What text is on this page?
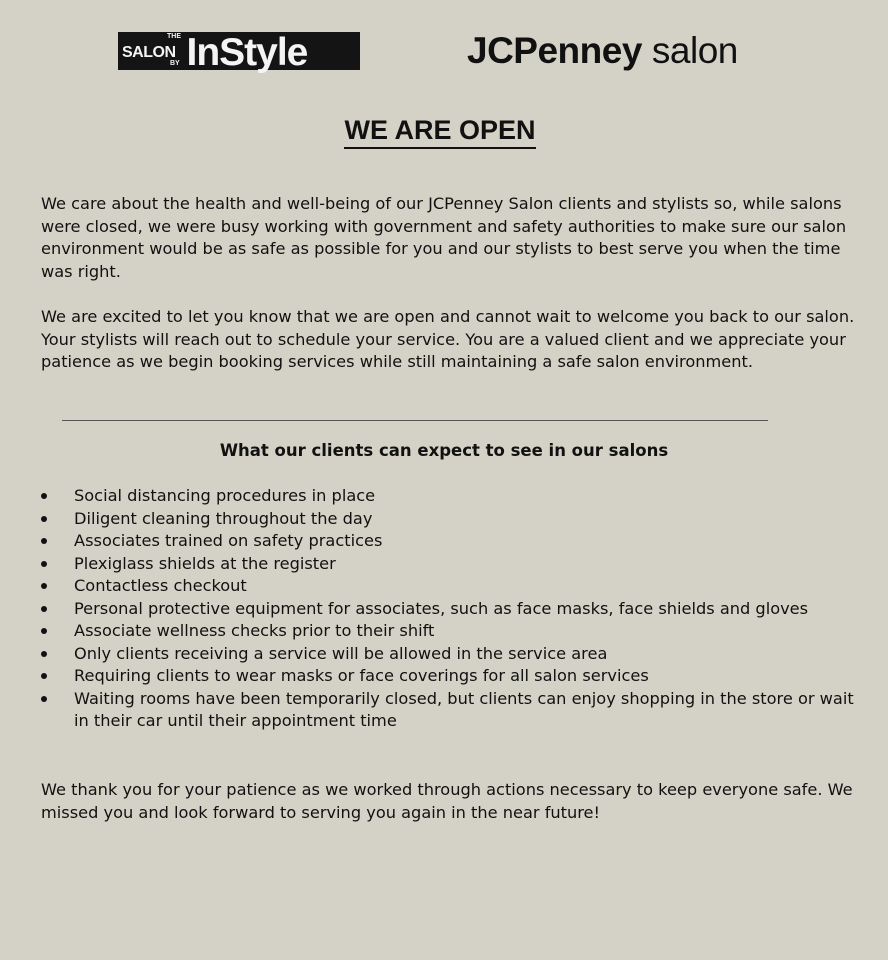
THE
SALON
BY InStyle	JCPenney salon
WE ARE OPEN

We care about the health and well-being of our JCPenney Salon clients and stylists so, while salons were closed, we were busy working with government and safety authorities to make sure our salon environment would be as safe as possible for you and our stylists to best serve you when the time was right.

We are excited to let you know that we are open and cannot wait to welcome you back to our salon. Your stylists will reach out to schedule your service. You are a valued client and we appreciate your patience as we begin booking services while still maintaining a safe salon environment.

What our clients can expect to see in our salons
Social distancing procedures in place
Diligent cleaning throughout the day
Associates trained on safety practices
Plexiglass shields at the register
Contactless checkout
Personal protective equipment for associates, such as face masks, face shields and gloves
Associate wellness checks prior to their shift
Only clients receiving a service will be allowed in the service area
Requiring clients to wear masks or face coverings for all salon services
Waiting rooms have been temporarily closed, but clients can enjoy shopping in the store or wait in their car until their appointment time

We thank you for your patience as we worked through actions necessary to keep everyone safe. We missed you and look forward to serving you again in the near future!
